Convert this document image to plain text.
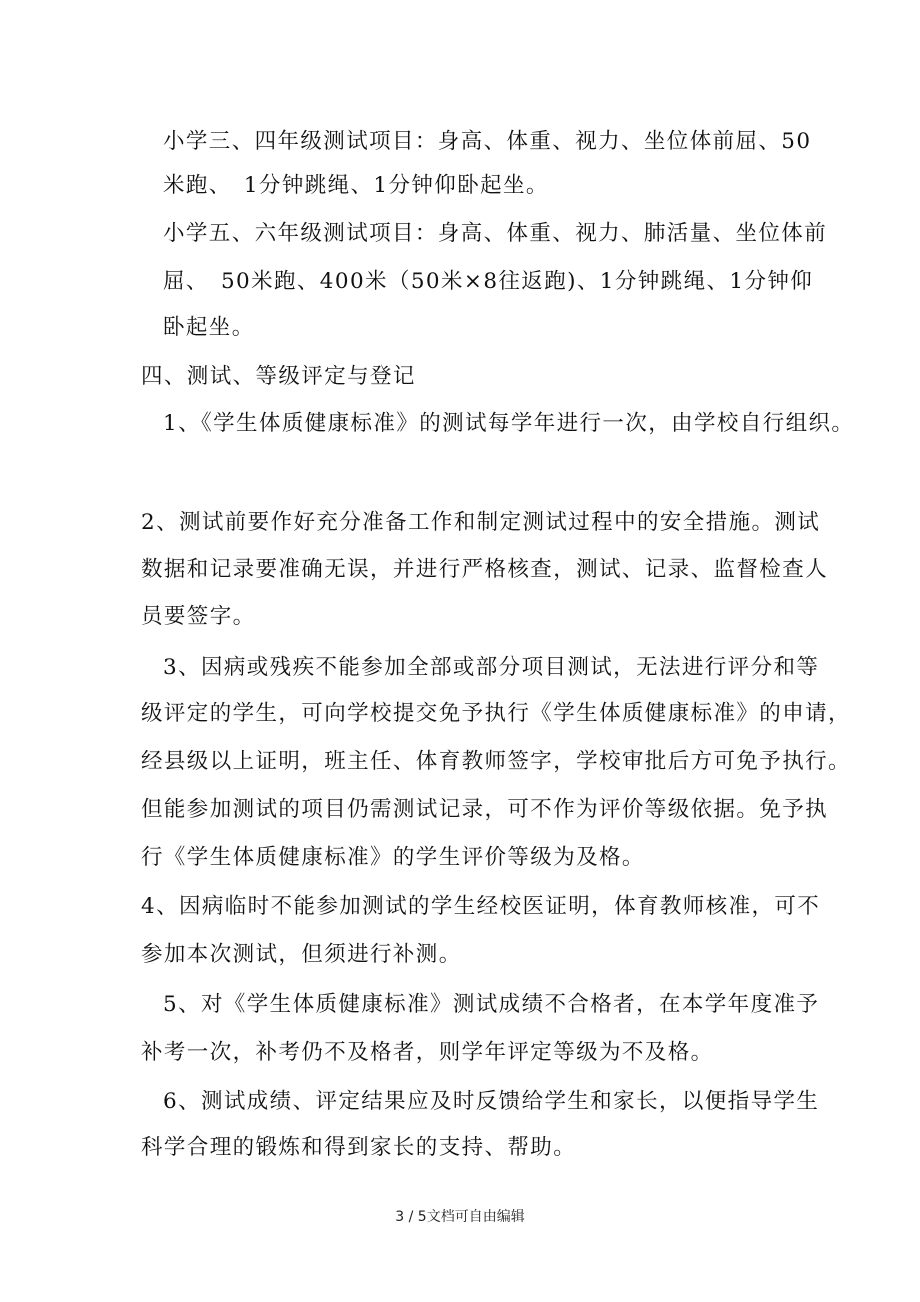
小学三、四年级测试项目：身高、体重、视力、坐位体前屈、50
米跑、　1分钟跳绳、1分钟仰卧起坐。
小学五、六年级测试项目：身高、体重、视力、肺活量、坐位体前
屈、　50米跑、400米（50米×8往返跑)、1分钟跳绳、1分钟仰
卧起坐。
四、测试、等级评定与登记
1、《学生体质健康标准》的测试每学年进行一次，由学校自行组织。
2、测试前要作好充分准备工作和制定测试过程中的安全措施。测试
数据和记录要准确无误，并进行严格核查，测试、记录、监督检查人
员要签字。
3、因病或残疾不能参加全部或部分项目测试，无法进行评分和等
级评定的学生，可向学校提交免予执行《学生体质健康标准》的申请，
经县级以上证明，班主任、体育教师签字，学校审批后方可免予执行。
但能参加测试的项目仍需测试记录，可不作为评价等级依据。免予执
行《学生体质健康标准》的学生评价等级为及格。
4、因病临时不能参加测试的学生经校医证明，体育教师核准，可不
参加本次测试，但须进行补测。
5、对《学生体质健康标准》测试成绩不合格者，在本学年度准予
补考一次，补考仍不及格者，则学年评定等级为不及格。
6、测试成绩、评定结果应及时反馈给学生和家长，以便指导学生
科学合理的锻炼和得到家长的支持、帮助。
3 / 5文档可自由编辑
